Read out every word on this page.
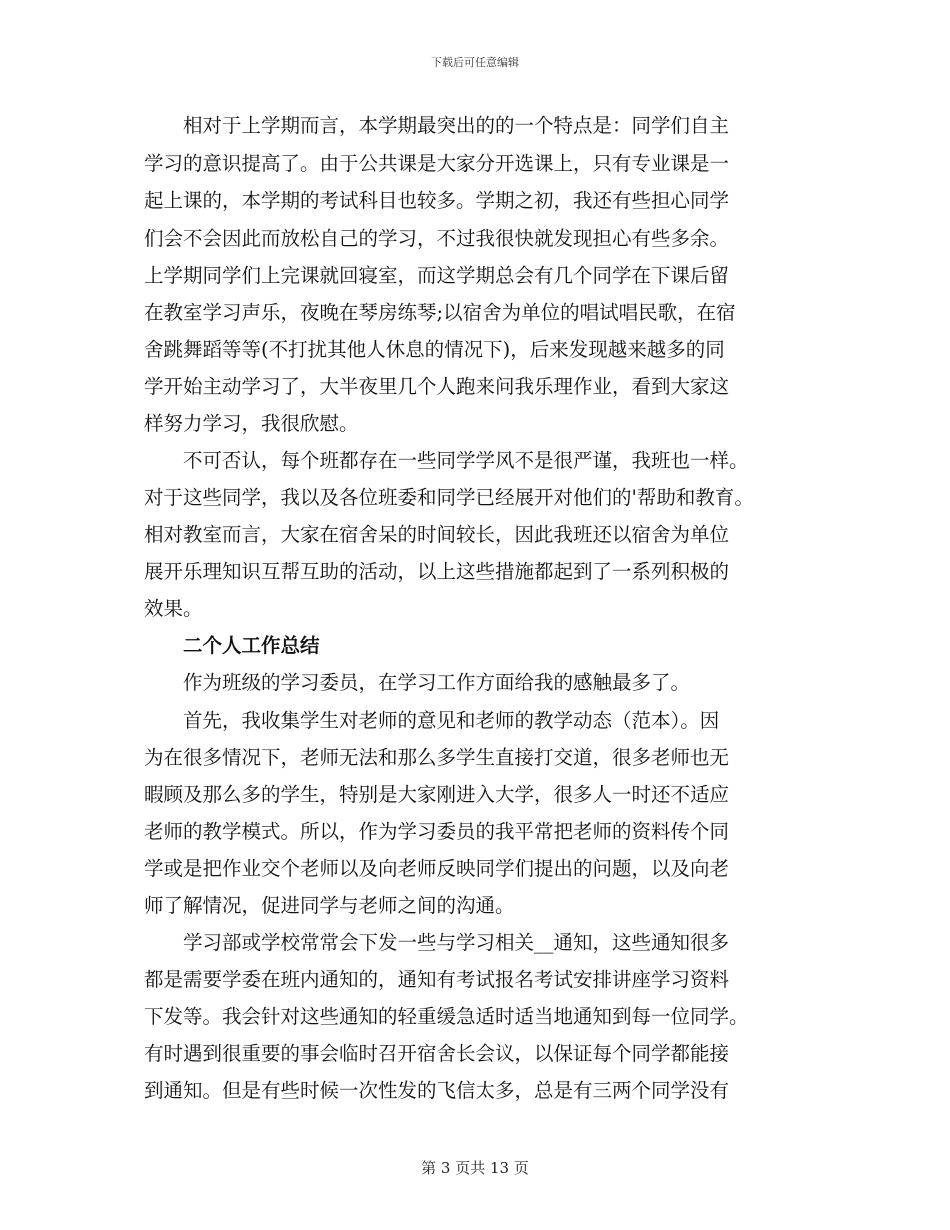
下载后可任意编辑
　　相对于上学期而言，本学期最突出的的一个特点是：同学们自主
学习的意识提高了。由于公共课是大家分开选课上，只有专业课是一
起上课的，本学期的考试科目也较多。学期之初，我还有些担心同学
们会不会因此而放松自己的学习，不过我很快就发现担心有些多余。
上学期同学们上完课就回寝室，而这学期总会有几个同学在下课后留
在教室学习声乐，夜晚在琴房练琴;以宿舍为单位的唱试唱民歌，在宿
舍跳舞蹈等等(不打扰其他人休息的情况下)，后来发现越来越多的同
学开始主动学习了，大半夜里几个人跑来问我乐理作业，看到大家这
样努力学习，我很欣慰。
　　不可否认，每个班都存在一些同学学风不是很严谨，我班也一样。
对于这些同学，我以及各位班委和同学已经展开对他们的'帮助和教育。
相对教室而言，大家在宿舍呆的时间较长，因此我班还以宿舍为单位
展开乐理知识互帮互助的活动，以上这些措施都起到了一系列积极的
效果。
　　二个人工作总结
　　作为班级的学习委员，在学习工作方面给我的感触最多了。
　　首先，我收集学生对老师的意见和老师的教学动态（范本）。因
为在很多情况下，老师无法和那么多学生直接打交道，很多老师也无
暇顾及那么多的学生，特别是大家刚进入大学，很多人一时还不适应
老师的教学模式。所以，作为学习委员的我平常把老师的资料传个同
学或是把作业交个老师以及向老师反映同学们提出的问题，以及向老
师了解情况，促进同学与老师之间的沟通。
　　学习部或学校常常会下发一些与学习相关__通知，这些通知很多
都是需要学委在班内通知的，通知有考试报名考试安排讲座学习资料
下发等。我会针对这些通知的轻重缓急适时适当地通知到每一位同学。
有时遇到很重要的事会临时召开宿舍长会议，以保证每个同学都能接
到通知。但是有些时候一次性发的飞信太多，总是有三两个同学没有
第 3 页共 13 页
